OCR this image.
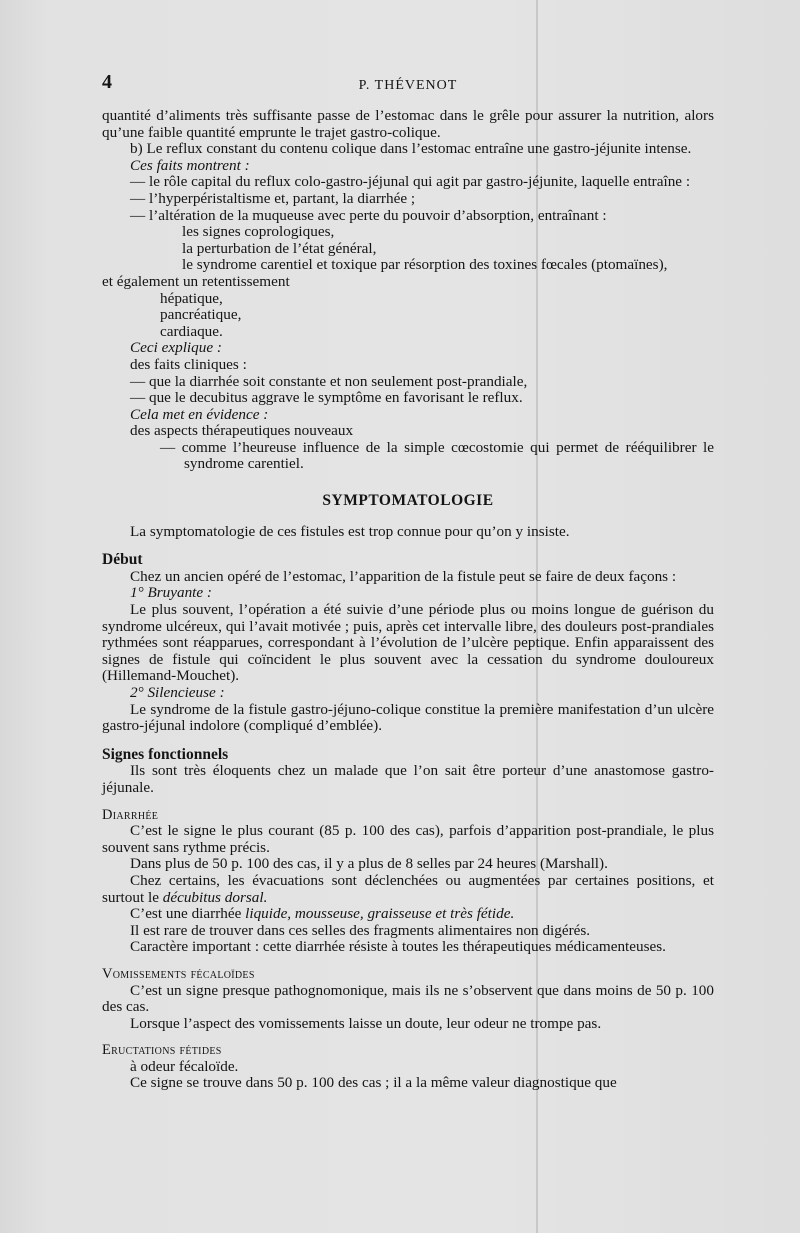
4	P. THÉVENOT

quantité d’aliments très suffisante passe de l’estomac dans le grêle pour assurer la nutrition, alors qu’une faible quantité emprunte le trajet gastro-colique.

b) Le reflux constant du contenu colique dans l’estomac entraîne une gastro-jéjunite intense.

Ces faits montrent :

— le rôle capital du reflux colo-gastro-jéjunal qui agit par gastro-jéjunite, laquelle entraîne :

— l’hyperpéristaltisme et, partant, la diarrhée ;

— l’altération de la muqueuse avec perte du pouvoir d’absorption, entraînant :

les signes coprologiques,

la perturbation de l’état général,

le syndrome carentiel et toxique par résorption des toxines fœcales (ptomaïnes),

et également un retentissement

hépatique,

pancréatique,

cardiaque.

Ceci explique :

des faits cliniques :

— que la diarrhée soit constante et non seulement post-prandiale,

— que le decubitus aggrave le symptôme en favorisant le reflux.

Cela met en évidence :

des aspects thérapeutiques nouveaux

— comme l’heureuse influence de la simple cœcostomie qui permet de rééquilibrer le syndrome carentiel.

SYMPTOMATOLOGIE

La symptomatologie de ces fistules est trop connue pour qu’on y insiste.

Début

Chez un ancien opéré de l’estomac, l’apparition de la fistule peut se faire de deux façons :

1° Bruyante :

Le plus souvent, l’opération a été suivie d’une période plus ou moins longue de guérison du syndrome ulcéreux, qui l’avait motivée ; puis, après cet intervalle libre, des douleurs post-prandiales rythmées sont réapparues, correspondant à l’évolution de l’ulcère peptique. Enfin apparaissent des signes de fistule qui coïncident le plus souvent avec la cessation du syndrome douloureux (Hillemand-Mouchet).

2° Silencieuse :

Le syndrome de la fistule gastro-jéjuno-colique constitue la première manifestation d’un ulcère gastro-jéjunal indolore (compliqué d’emblée).

Signes fonctionnels

Ils sont très éloquents chez un malade que l’on sait être porteur d’une anastomose gastro-jéjunale.

Diarrhée

C’est le signe le plus courant (85 p. 100 des cas), parfois d’apparition post-prandiale, le plus souvent sans rythme précis.

Dans plus de 50 p. 100 des cas, il y a plus de 8 selles par 24 heures (Marshall).

Chez certains, les évacuations sont déclenchées ou augmentées par certaines positions, et surtout le décubitus dorsal.

C’est une diarrhée liquide, mousseuse, graisseuse et très fétide.

Il est rare de trouver dans ces selles des fragments alimentaires non digérés.

Caractère important : cette diarrhée résiste à toutes les thérapeutiques médicamenteuses.

Vomissements fécaloïdes

C’est un signe presque pathognomonique, mais ils ne s’observent que dans moins de 50 p. 100 des cas.

Lorsque l’aspect des vomissements laisse un doute, leur odeur ne trompe pas.

Eructations fétides

à odeur fécaloïde.

Ce signe se trouve dans 50 p. 100 des cas ; il a la même valeur diagnostique que
